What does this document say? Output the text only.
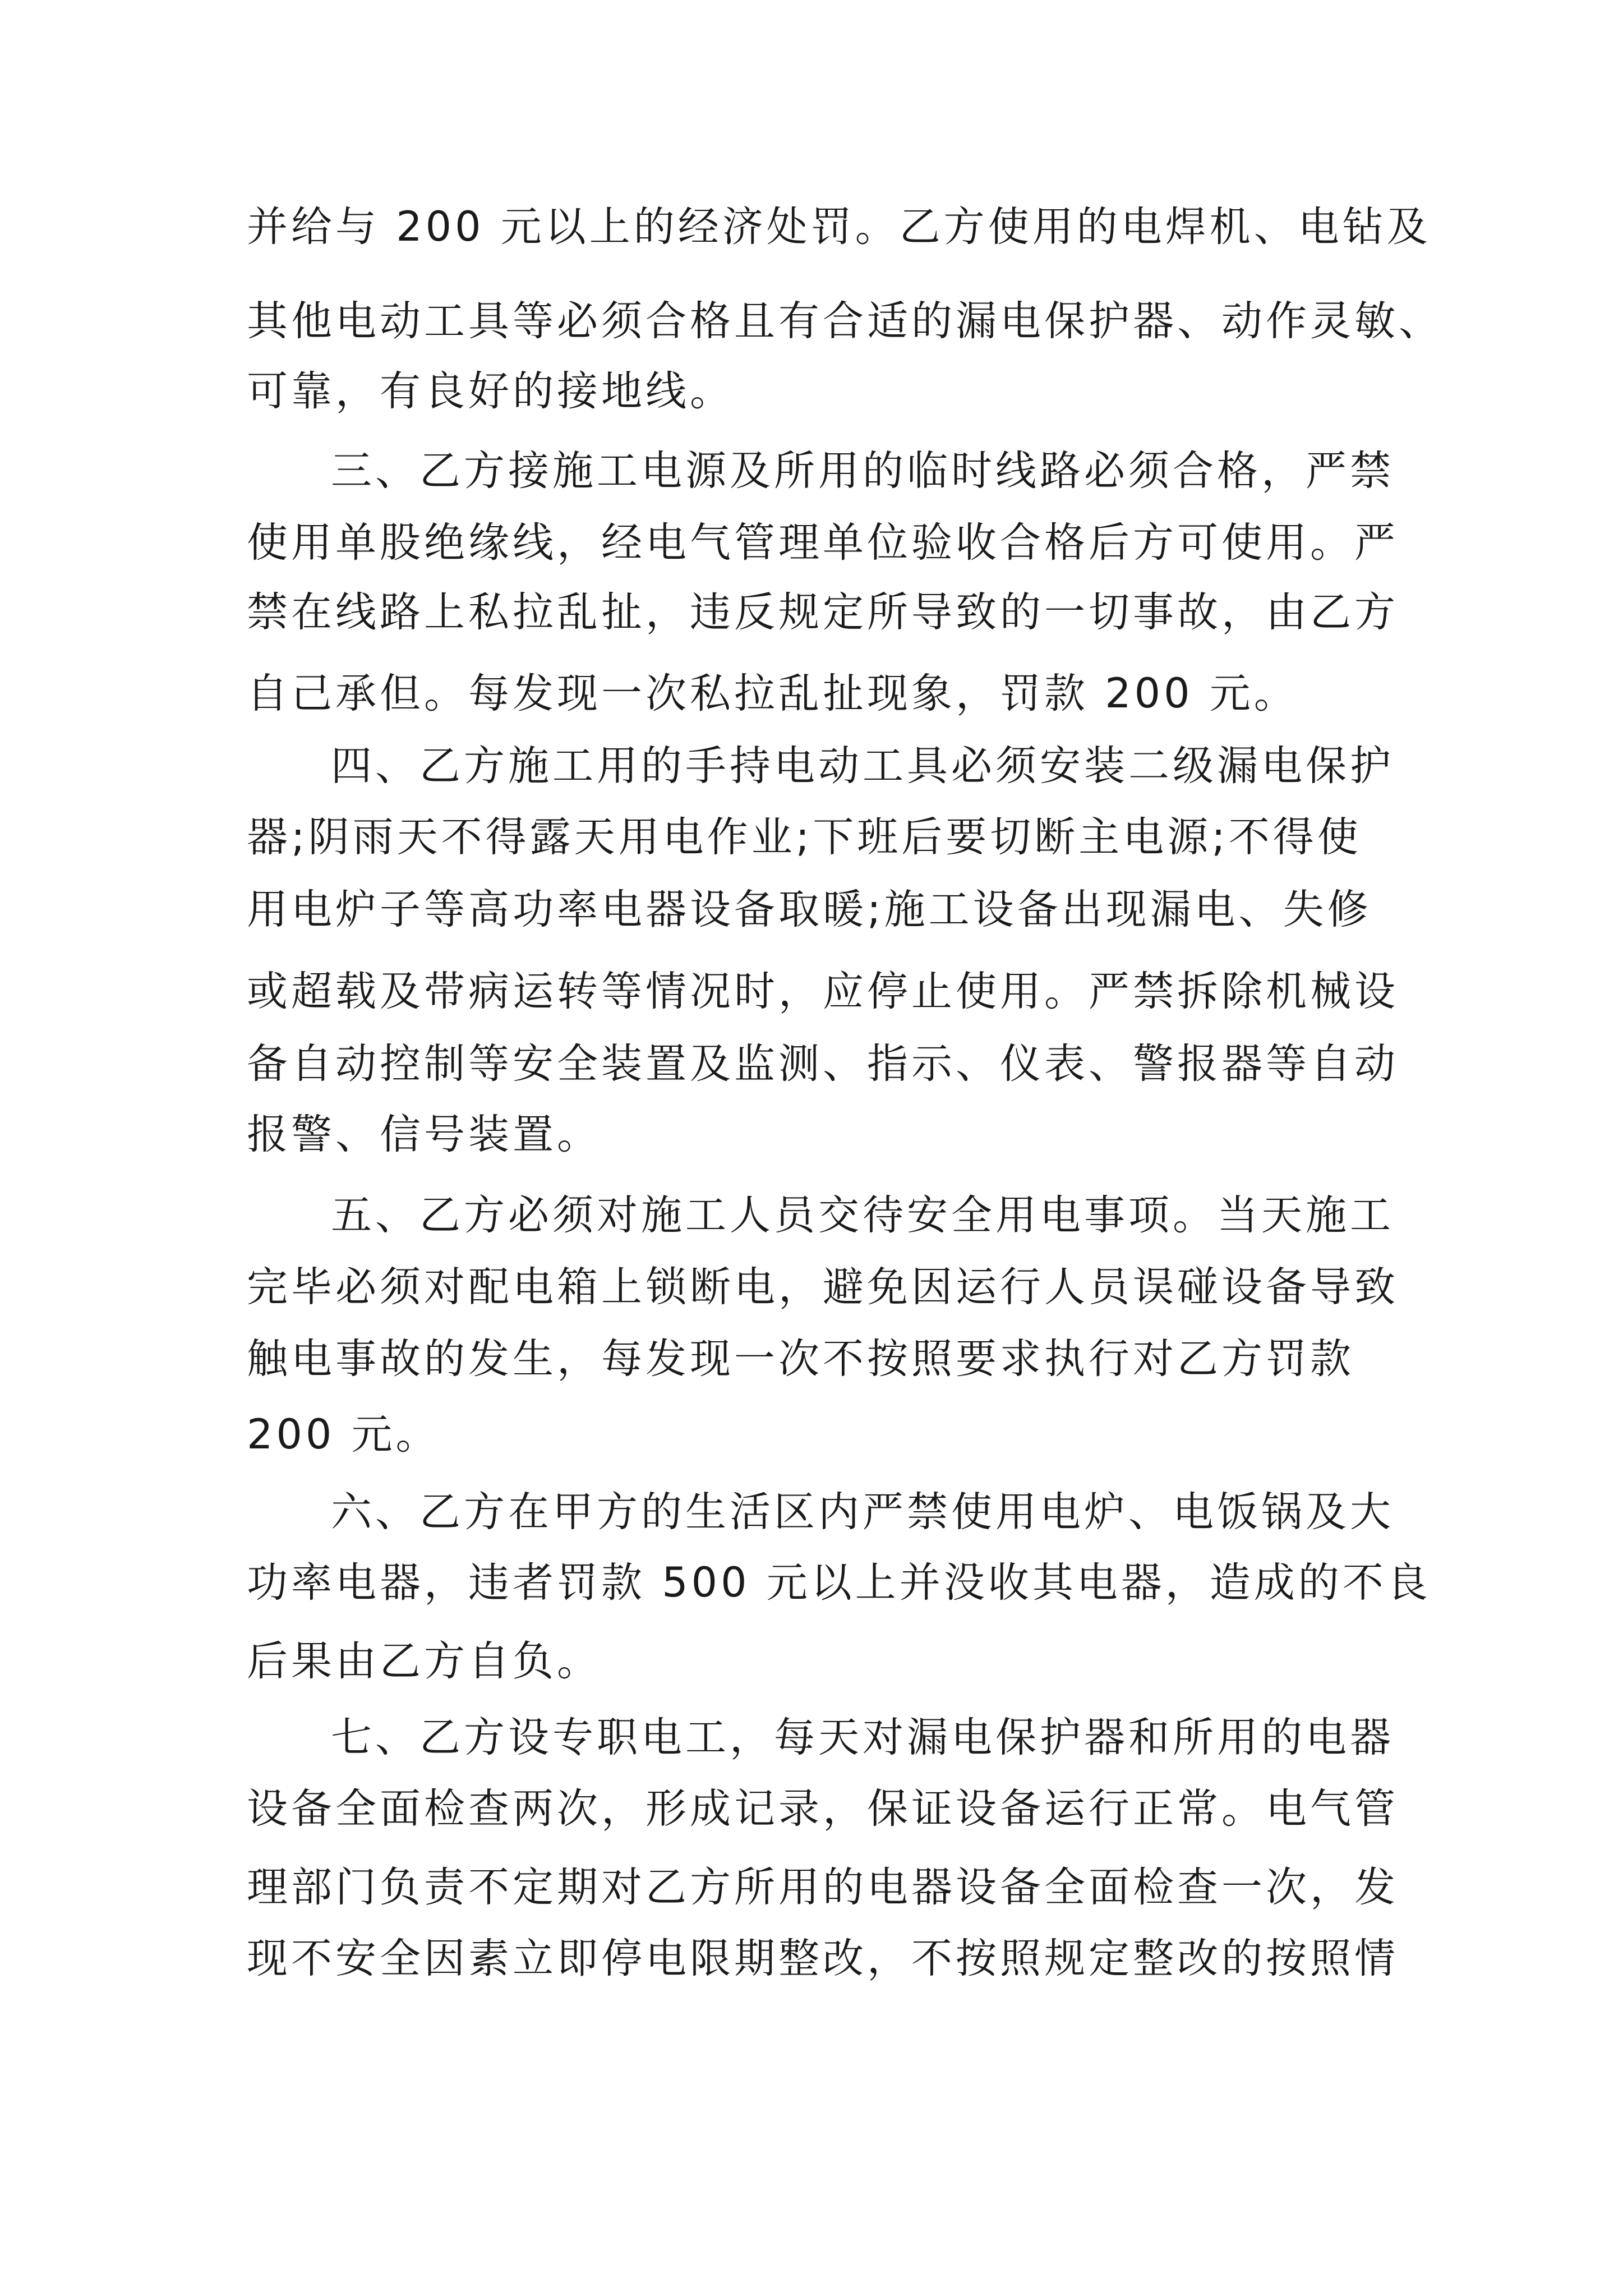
并给与 200 元以上的经济处罚。乙方使用的电焊机、电钻及
其他电动工具等必须合格且有合适的漏电保护器、动作灵敏、
可靠，有良好的接地线。
三、乙方接施工电源及所用的临时线路必须合格，严禁
使用单股绝缘线，经电气管理单位验收合格后方可使用。严
禁在线路上私拉乱扯，违反规定所导致的一切事故，由乙方
自己承但。每发现一次私拉乱扯现象，罚款 200 元。
四、乙方施工用的手持电动工具必须安装二级漏电保护
器;阴雨天不得露天用电作业;下班后要切断主电源;不得使
用电炉子等高功率电器设备取暖;施工设备出现漏电、失修
或超载及带病运转等情况时，应停止使用。严禁拆除机械设
备自动控制等安全装置及监测、指示、仪表、警报器等自动
报警、信号装置。
五、乙方必须对施工人员交待安全用电事项。当天施工
完毕必须对配电箱上锁断电，避免因运行人员误碰设备导致
触电事故的发生，每发现一次不按照要求执行对乙方罚款
200 元。
六、乙方在甲方的生活区内严禁使用电炉、电饭锅及大
功率电器，违者罚款 500 元以上并没收其电器，造成的不良
后果由乙方自负。
七、乙方设专职电工，每天对漏电保护器和所用的电器
设备全面检查两次，形成记录，保证设备运行正常。电气管
理部门负责不定期对乙方所用的电器设备全面检查一次，发
现不安全因素立即停电限期整改，不按照规定整改的按照情
